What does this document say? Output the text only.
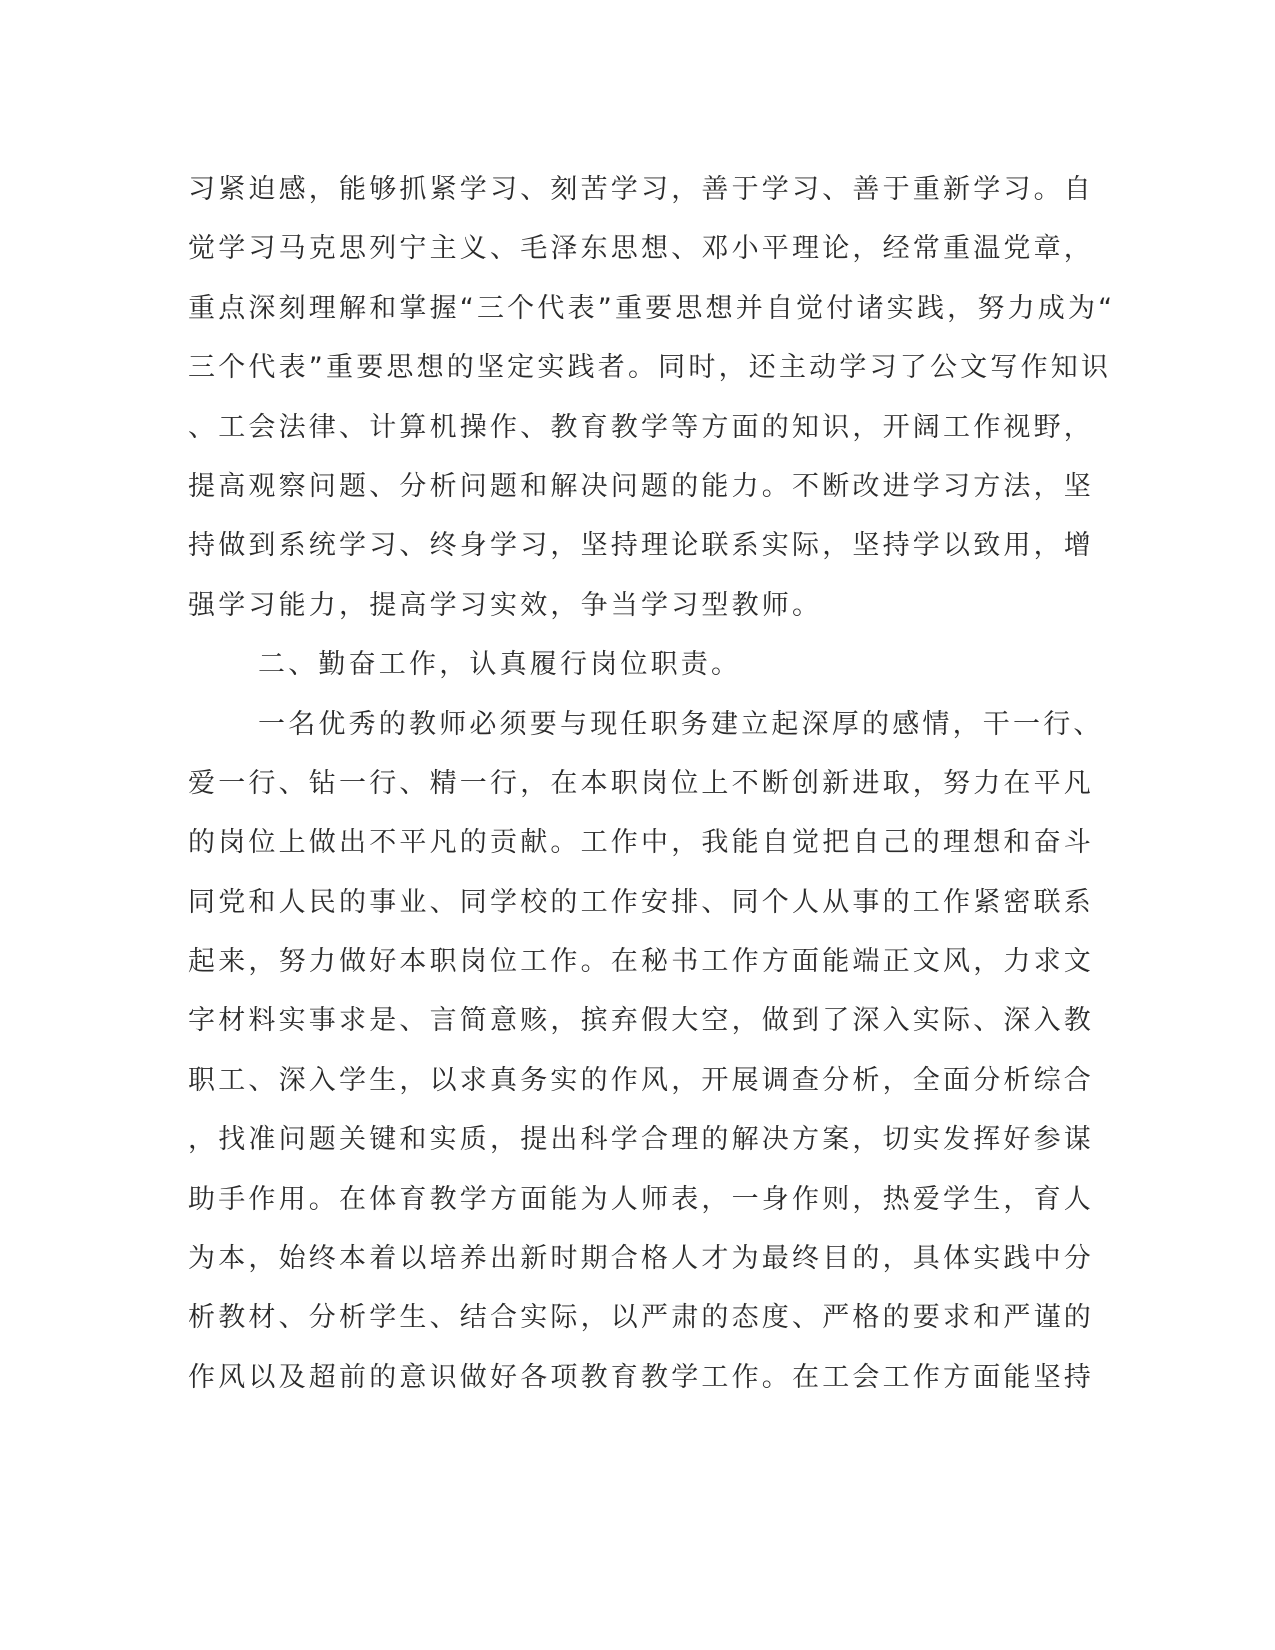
习紧迫感，能够抓紧学习、刻苦学习，善于学习、善于重新学习。自
觉学习马克思列宁主义、毛泽东思想、邓小平理论，经常重温党章，
重点深刻理解和掌握“三个代表”重要思想并自觉付诸实践，努力成为“
三个代表”重要思想的坚定实践者。同时，还主动学习了公文写作知识
、工会法律、计算机操作、教育教学等方面的知识，开阔工作视野，
提高观察问题、分析问题和解决问题的能力。不断改进学习方法，坚
持做到系统学习、终身学习，坚持理论联系实际，坚持学以致用，增
强学习能力，提高学习实效，争当学习型教师。
二、勤奋工作，认真履行岗位职责。
一名优秀的教师必须要与现任职务建立起深厚的感情，干一行、
爱一行、钻一行、精一行，在本职岗位上不断创新进取，努力在平凡
的岗位上做出不平凡的贡献。工作中，我能自觉把自己的理想和奋斗
同党和人民的事业、同学校的工作安排、同个人从事的工作紧密联系
起来，努力做好本职岗位工作。在秘书工作方面能端正文风，力求文
字材料实事求是、言简意赅，摈弃假大空，做到了深入实际、深入教
职工、深入学生，以求真务实的作风，开展调查分析，全面分析综合
，找准问题关键和实质，提出科学合理的解决方案，切实发挥好参谋
助手作用。在体育教学方面能为人师表，一身作则，热爱学生，育人
为本，始终本着以培养出新时期合格人才为最终目的，具体实践中分
析教材、分析学生、结合实际，以严肃的态度、严格的要求和严谨的
作风以及超前的意识做好各项教育教学工作。在工会工作方面能坚持
